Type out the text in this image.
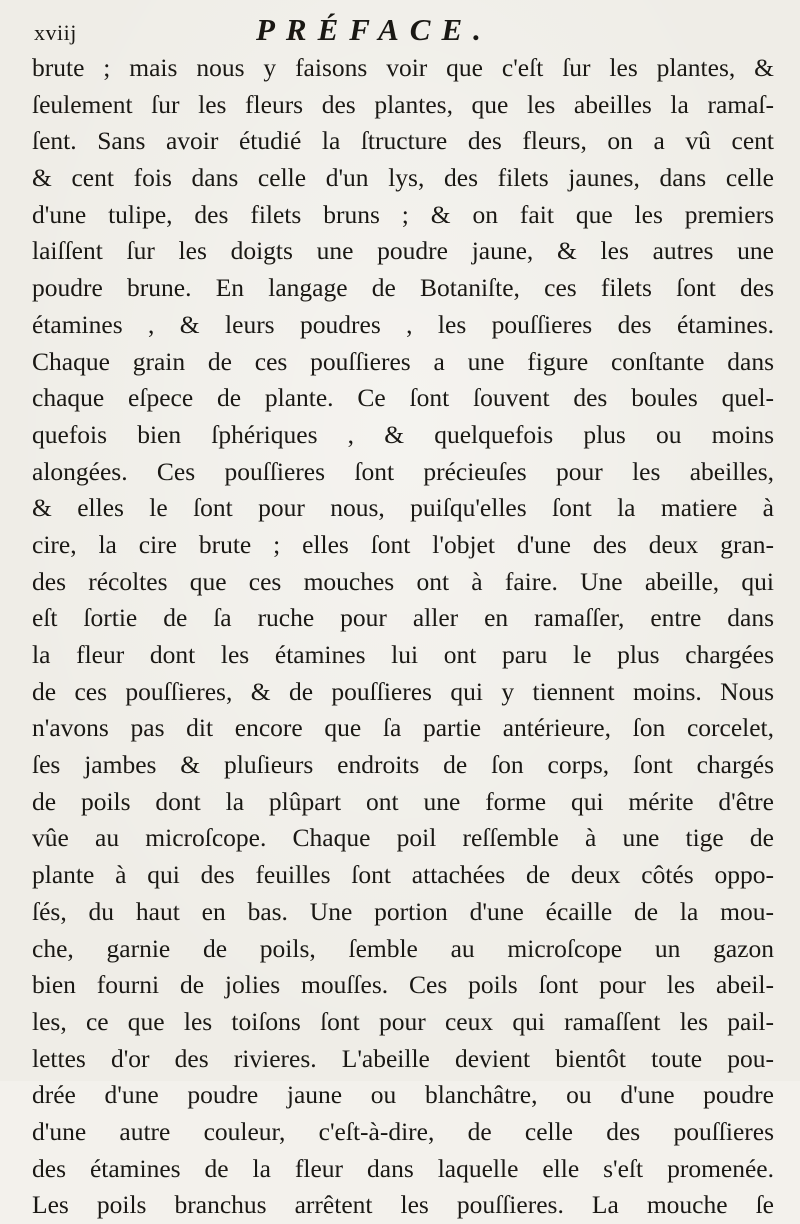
xviij	PRÉFACE.
brute ; mais nous y faisons voir que c'eſt ſur les plantes, &
ſeulement ſur les fleurs des plantes, que les abeilles la ramaſ-
ſent. Sans avoir étudié la ſtructure des fleurs, on a vû cent
& cent fois dans celle d'un lys, des filets jaunes, dans celle
d'une tulipe, des filets bruns ; & on fait que les premiers
laiſſent ſur les doigts une poudre jaune, & les autres une
poudre brune. En langage de Botaniſte, ces filets ſont des
étamines , & leurs poudres , les pouſſieres des étamines.
Chaque grain de ces pouſſieres a une figure conſtante dans
chaque eſpece de plante. Ce ſont ſouvent des boules quel-
quefois bien ſphériques , & quelquefois plus ou moins
alongées. Ces pouſſieres ſont précieuſes pour les abeilles,
& elles le ſont pour nous, puiſqu'elles ſont la matiere à
cire, la cire brute ; elles ſont l'objet d'une des deux gran-
des récoltes que ces mouches ont à faire. Une abeille, qui
eſt ſortie de ſa ruche pour aller en ramaſſer, entre dans
la fleur dont les étamines lui ont paru le plus chargées
de ces pouſſieres, & de pouſſieres qui y tiennent moins. Nous
n'avons pas dit encore que ſa partie antérieure, ſon corcelet,
ſes jambes & pluſieurs endroits de ſon corps, ſont chargés
de poils dont la plûpart ont une forme qui mérite d'être
vûe au microſcope. Chaque poil reſſemble à une tige de
plante à qui des feuilles ſont attachées de deux côtés oppo-
ſés, du haut en bas. Une portion d'une écaille de la mou-
che, garnie de poils, ſemble au microſcope un gazon
bien fourni de jolies mouſſes. Ces poils ſont pour les abeil-
les, ce que les toiſons ſont pour ceux qui ramaſſent les pail-
lettes d'or des rivieres. L'abeille devient bientôt toute pou-
drée d'une poudre jaune ou blanchâtre, ou d'une poudre
d'une autre couleur, c'eſt-à-dire, de celle des pouſſieres
des étamines de la fleur dans laquelle elle s'eſt promenée.
Les poils branchus arrêtent les pouſſieres. La mouche ſe
